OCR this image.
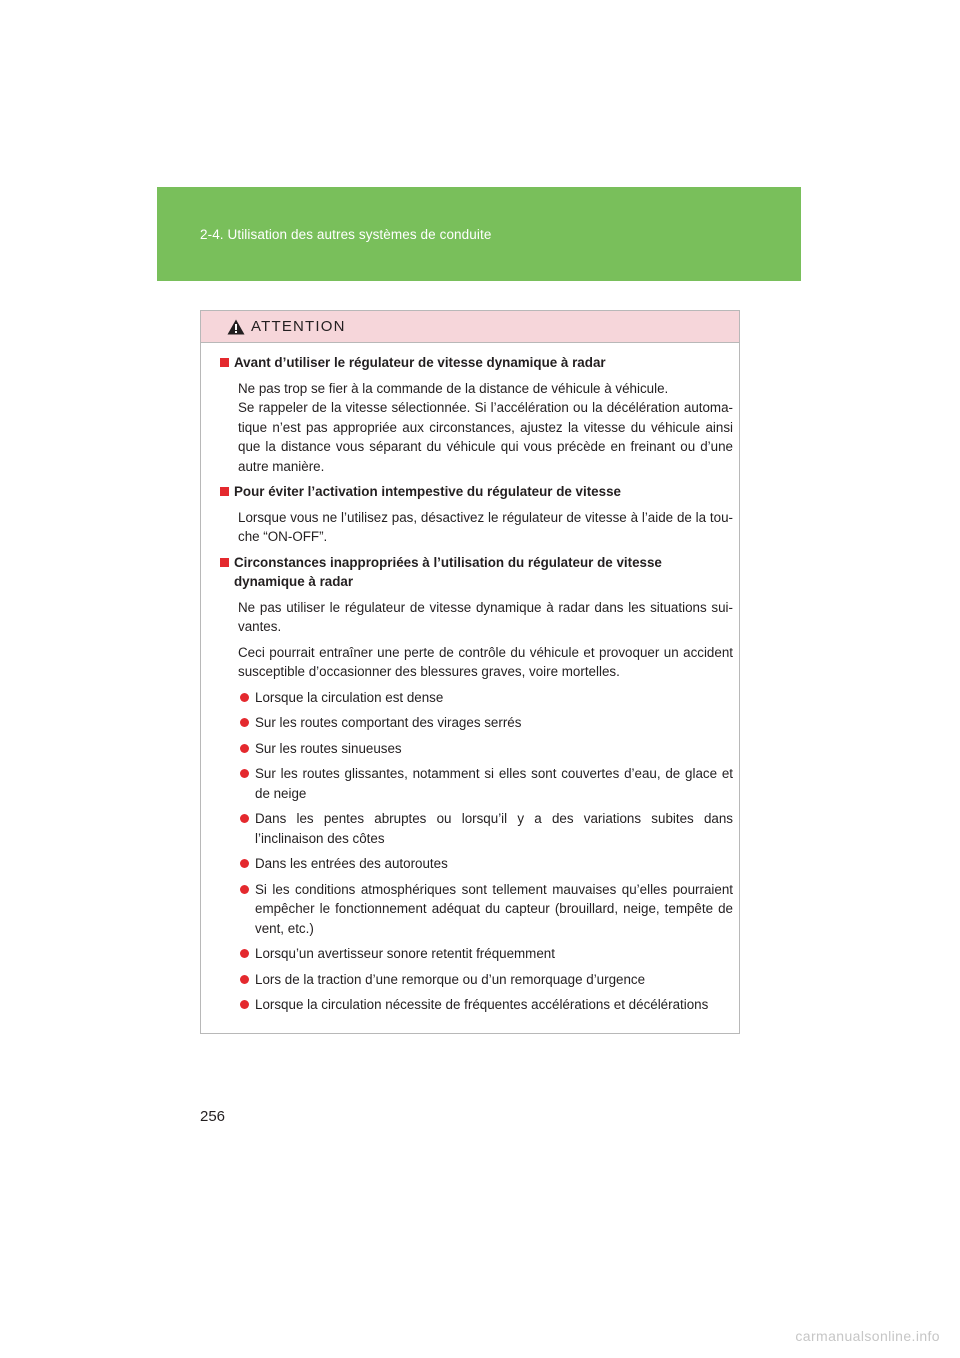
2-4. Utilisation des autres systèmes de conduite
ATTENTION
Avant d’utiliser le régulateur de vitesse dynamique à radar
Ne pas trop se fier à la commande de la distance de véhicule à véhicule.
Se rappeler de la vitesse sélectionnée. Si l’accélération ou la décélération automa- tique n’est pas appropriée aux circonstances, ajustez la vitesse du véhicule ainsi que la distance vous séparant du véhicule qui vous précède en freinant ou d’une autre manière.
Pour éviter l’activation intempestive du régulateur de vitesse
Lorsque vous ne l’utilisez pas, désactivez le régulateur de vitesse à l’aide de la tou- che “ON-OFF”.
Circonstances inappropriées à l’utilisation du régulateur de vitesse dynamique à radar
Ne pas utiliser le régulateur de vitesse dynamique à radar dans les situations sui- vantes.
Ceci pourrait entraîner une perte de contrôle du véhicule et provoquer un accident susceptible d’occasionner des blessures graves, voire mortelles.
Lorsque la circulation est dense
Sur les routes comportant des virages serrés
Sur les routes sinueuses
Sur les routes glissantes, notamment si elles sont couvertes d’eau, de glace et de neige
Dans les pentes abruptes ou lorsqu’il y a des variations subites dans l’inclinaison des côtes
Dans les entrées des autoroutes
Si les conditions atmosphériques sont tellement mauvaises qu’elles pourraient empêcher le fonctionnement adéquat du capteur (brouillard, neige, tempête de vent, etc.)
Lorsqu’un avertisseur sonore retentit fréquemment
Lors de la traction d’une remorque ou d’un remorquage d’urgence
Lorsque la circulation nécessite de fréquentes accélérations et décélérations
256
carmanualsonline.info
